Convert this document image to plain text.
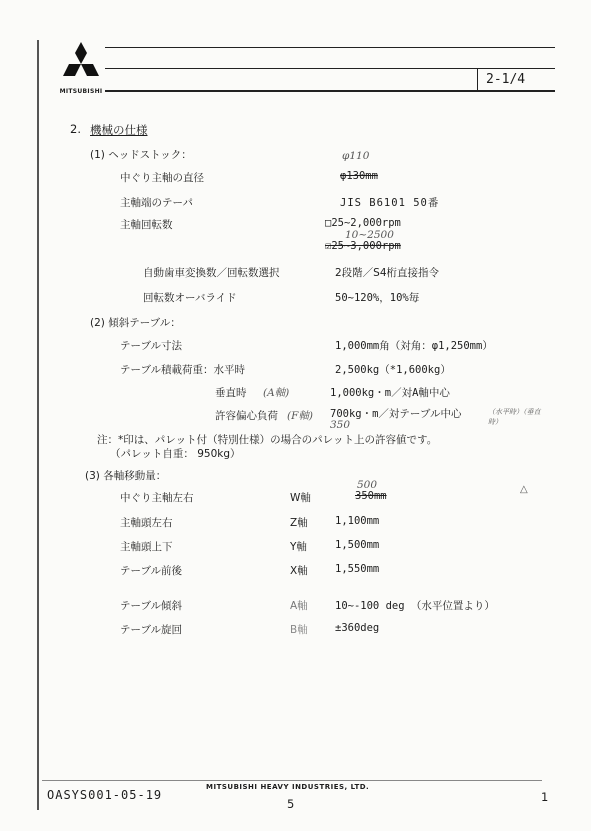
MITSUBISHI
2-1/4
2. 機械の仕様
(1) ヘッドストック：	φ110
中ぐり主軸の直径	φ130mm
主軸端のテーパ	JIS B6101 50番
主軸回転数	□25~2,000rpm
10~2500
☑25~3,000rpm
自動歯車変換数／回転数選択	2段階／S4桁直接指令
回転数オーバライド	50~120%，10%毎
(2) 傾斜テーブル：
テーブル寸法	1,000mm角（対角：φ1,250mm）
テーブル積載荷重：水平時	2,500kg（*1,600kg）
垂直時 (A軸)	1,000kg・m／対A軸中心
許容偏心負荷 (F軸) 700kg・m／対テーブル中心
350
（水平時）（垂直時）
注：*印は、パレット付（特別仕様）の場合のパレット上の許容値です。
（パレット自重： 950kg）
(3) 各軸移動量：
500
中ぐり主軸左右	W軸	350mm
主軸頭左右	Z軸	1,100mm
主軸頭上下	Y軸	1,500mm
テーブル前後	X軸	1,550mm
テーブル傾斜	A軸	10~-100 deg （水平位置より）
テーブル旋回	B軸	±360deg
△
OASYS001-05-19
MITSUBISHI HEAVY INDUSTRIES, LTD.
5	1
